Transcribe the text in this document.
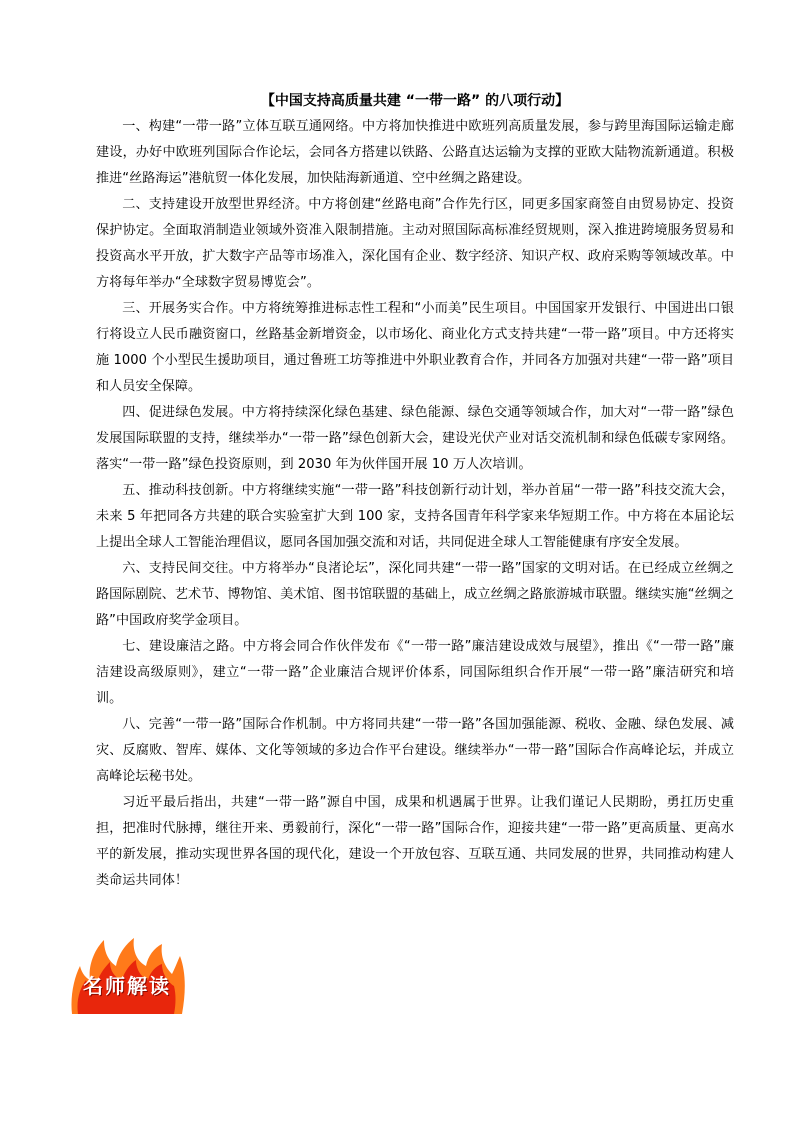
【中国支持高质量共建 “一带一路” 的八项行动】

一、构建“一带一路”立体互联互通网络。中方将加快推进中欧班列高质量发展，参与跨里海国际运输走廊建设，办好中欧班列国际合作论坛，会同各方搭建以铁路、公路直达运输为支撑的亚欧大陆物流新通道。积极推进“丝路海运”港航贸一体化发展，加快陆海新通道、空中丝绸之路建设。

二、支持建设开放型世界经济。中方将创建“丝路电商”合作先行区，同更多国家商签自由贸易协定、投资保护协定。全面取消制造业领域外资准入限制措施。主动对照国际高标准经贸规则，深入推进跨境服务贸易和投资高水平开放，扩大数字产品等市场准入，深化国有企业、数字经济、知识产权、政府采购等领域改革。中方将每年举办“全球数字贸易博览会”。

三、开展务实合作。中方将统筹推进标志性工程和“小而美”民生项目。中国国家开发银行、中国进出口银行将设立人民币融资窗口，丝路基金新增资金，以市场化、商业化方式支持共建“一带一路”项目。中方还将实施 1000 个小型民生援助项目，通过鲁班工坊等推进中外职业教育合作，并同各方加强对共建“一带一路”项目和人员安全保障。

四、促进绿色发展。中方将持续深化绿色基建、绿色能源、绿色交通等领域合作，加大对“一带一路”绿色发展国际联盟的支持，继续举办“一带一路”绿色创新大会，建设光伏产业对话交流机制和绿色低碳专家网络。落实“一带一路”绿色投资原则，到 2030 年为伙伴国开展 10 万人次培训。

五、推动科技创新。中方将继续实施“一带一路”科技创新行动计划，举办首届“一带一路”科技交流大会，未来 5 年把同各方共建的联合实验室扩大到 100 家，支持各国青年科学家来华短期工作。中方将在本届论坛上提出全球人工智能治理倡议，愿同各国加强交流和对话，共同促进全球人工智能健康有序安全发展。

六、支持民间交往。中方将举办“良渚论坛”，深化同共建“一带一路”国家的文明对话。在已经成立丝绸之路国际剧院、艺术节、博物馆、美术馆、图书馆联盟的基础上，成立丝绸之路旅游城市联盟。继续实施“丝绸之路”中国政府奖学金项目。

七、建设廉洁之路。中方将会同合作伙伴发布《“一带一路”廉洁建设成效与展望》，推出《“一带一路”廉洁建设高级原则》，建立“一带一路”企业廉洁合规评价体系，同国际组织合作开展“一带一路”廉洁研究和培训。

八、完善“一带一路”国际合作机制。中方将同共建“一带一路”各国加强能源、税收、金融、绿色发展、减灾、反腐败、智库、媒体、文化等领域的多边合作平台建设。继续举办“一带一路”国际合作高峰论坛，并成立高峰论坛秘书处。

习近平最后指出，共建“一带一路”源自中国，成果和机遇属于世界。让我们谨记人民期盼，勇扛历史重担，把准时代脉搏，继往开来、勇毅前行，深化“一带一路”国际合作，迎接共建“一带一路”更高质量、更高水平的新发展，推动实现世界各国的现代化，建设一个开放包容、互联互通、共同发展的世界，共同推动构建人类命运共同体！

名师解读
